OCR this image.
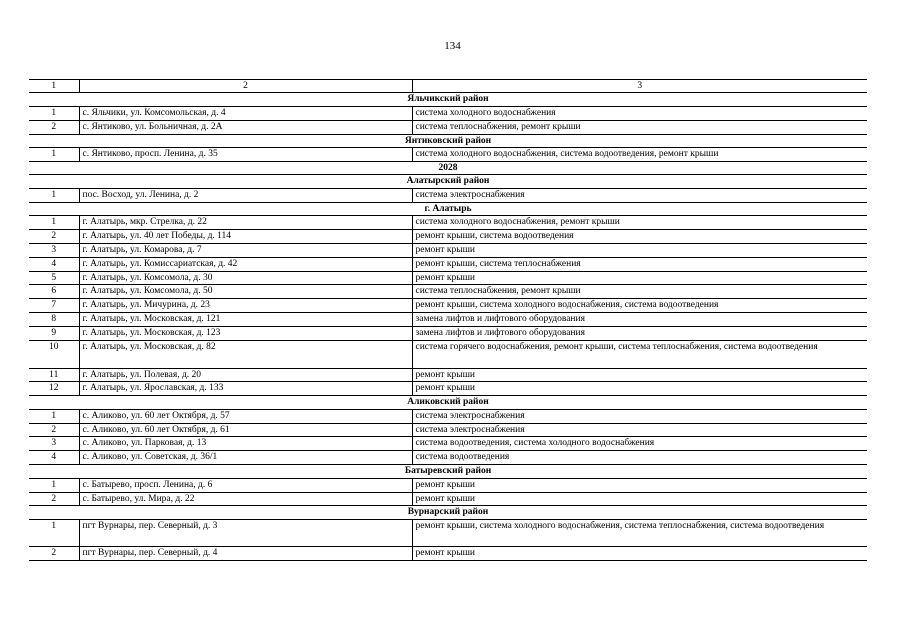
134
1	2	3
Яльчикский район		
1	с. Яльчики, ул. Комсомольская, д. 4	система холодного водоснабжения
2	с. Янтиково, ул. Больничная, д. 2А	система теплоснабжения, ремонт крыши
Янтиковский район		
1	с. Янтиково, просп. Ленина, д. 35	система холодного водоснабжения, система водоотведения, ремонт крыши
2028		
Алатырский район		
1	пос. Восход, ул. Ленина, д. 2	система электроснабжения
г. Алатырь		
1	г. Алатырь, мкр. Стрелка, д. 22	система холодного водоснабжения, ремонт крыши
2	г. Алатырь, ул. 40 лет Победы, д. 114	ремонт крыши, система водоотведения
3	г. Алатырь, ул. Комарова, д. 7	ремонт крыши
4	г. Алатырь, ул. Комиссариатская, д. 42	ремонт крыши, система теплоснабжения
5	г. Алатырь, ул. Комсомола, д. 30	ремонт крыши
6	г. Алатырь, ул. Комсомола, д. 50	система теплоснабжения, ремонт крыши
7	г. Алатырь, ул. Мичурина, д. 23	ремонт крыши, система холодного водоснабжения, система водоотведения
8	г. Алатырь, ул. Московская, д. 121	замена лифтов и лифтового оборудования
9	г. Алатырь, ул. Московская, д. 123	замена лифтов и лифтового оборудования
10	г. Алатырь, ул. Московская, д. 82	система горячего водоснабжения, ремонт крыши, система теплоснабжения, система водоотведения
11	г. Алатырь, ул. Полевая, д. 20	ремонт крыши
12	г. Алатырь, ул. Ярославская, д. 133	ремонт крыши
Аликовский район		
1	с. Аликово, ул. 60 лет Октября, д. 57	система электроснабжения
2	с. Аликово, ул. 60 лет Октября, д. 61	система электроснабжения
3	с. Аликово, ул. Парковая, д. 13	система водоотведения, система холодного водоснабжения
4	с. Аликово, ул. Советская, д. 36/1	система водоотведения
Батыревский район		
1	с. Батырево, просп. Ленина, д. 6	ремонт крыши
2	с. Батырево, ул. Мира, д. 22	ремонт крыши
Вурнарский район		
1	пгт Вурнары, пер. Северный, д. 3	ремонт крыши, система холодного водоснабжения, система теплоснабжения, система водоотведения
2	пгт Вурнары, пер. Северный, д. 4	ремонт крыши
